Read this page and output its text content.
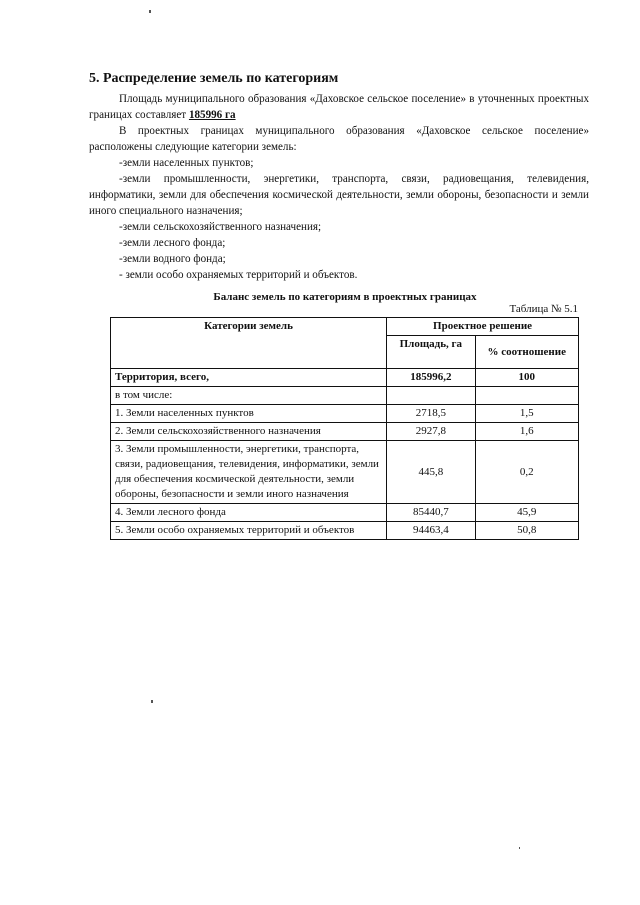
5. Распределение земель по категориям

Площадь муниципального образования «Даховское сельское поселение» в уточненных проектных границах составляет 185996 га

В проектных границах муниципального образования «Даховское сельское поселение» расположены следующие категории земель:

-земли населенных пунктов;

-земли промышленности, энергетики, транспорта, связи, радиовещания, телевидения, информатики, земли для обеспечения космической деятельности, земли обороны, безопасности и земли иного специального назначения;

-земли сельскохозяйственного назначения;

-земли лесного фонда;

-земли водного фонда;

- земли особо охраняемых территорий и объектов.

Баланс земель по категориям в проектных границах
Таблица № 5.1
Категории земель	Проектное решение	
	Площадь, га	% соотношение
Территория, всего,	185996,2	100
в том числе:		
1. Земли населенных пунктов	2718,5	1,5
2. Земли сельскохозяйственного назначения	2927,8	1,6
3. Земли промышленности, энергетики, транспорта, связи, радиовещания, телевидения, информатики, земли для обеспечения космической деятельности, земли обороны, безопасности и земли иного назначения	445,8	0,2
4. Земли лесного фонда	85440,7	45,9
5. Земли особо охраняемых территорий и объектов	94463,4	50,8
